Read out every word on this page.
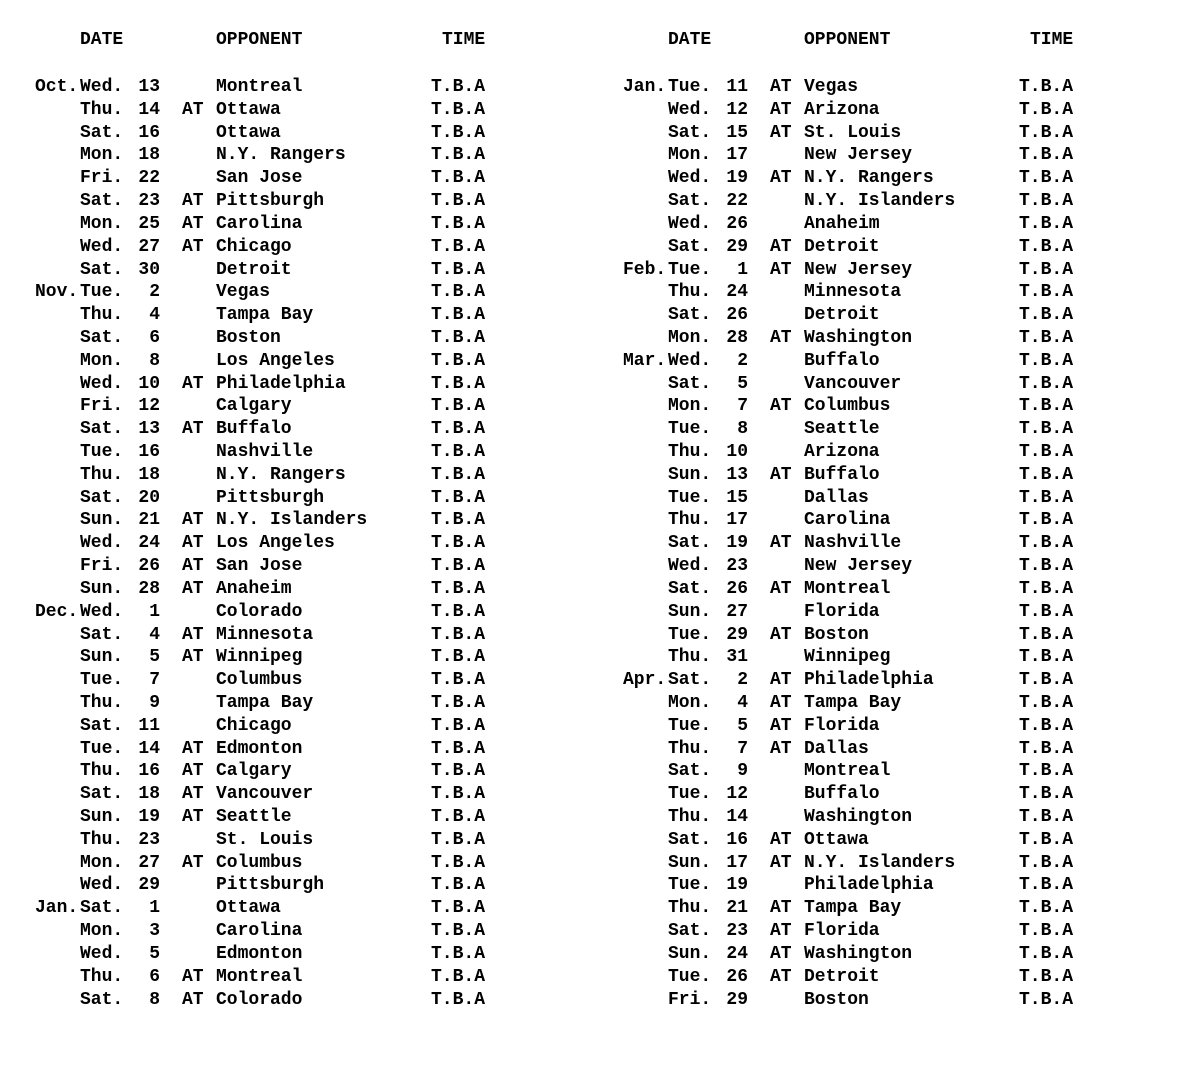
DATE

	OPPONENT

	TIME

Oct. Wed. 13	Montreal	T.B.A
Thu. 14 AT Ottawa	T.B.A
Sat. 16	Ottawa	T.B.A
Mon. 18	N.Y. Rangers	T.B.A
Fri. 22	San Jose	T.B.A
Sat. 23 AT Pittsburgh	T.B.A
Mon. 25 AT Carolina	T.B.A
Wed. 27 AT Chicago	T.B.A
Sat. 30	Detroit	T.B.A
Nov. Tue.	2	Vegas	T.B.A
Thu.	4	Tampa Bay	T.B.A
Sat.	6	Boston	T.B.A
Mon.	8	Los Angeles	T.B.A
Wed. 10 AT Philadelphia	T.B.A
Fri. 12	Calgary	T.B.A
Sat. 13 AT Buffalo	T.B.A
Tue. 16	Nashville	T.B.A
Thu. 18	N.Y. Rangers	T.B.A
Sat. 20	Pittsburgh	T.B.A
Sun. 21 AT N.Y. Islanders	T.B.A
Wed. 24 AT Los Angeles	T.B.A
Fri. 26 AT San Jose	T.B.A
Sun. 28 AT Anaheim	T.B.A
Dec. Wed.	1	Colorado	T.B.A
Sat.	4 AT Minnesota	T.B.A
Sun.	5 AT Winnipeg	T.B.A
Tue.	7	Columbus	T.B.A
Thu.	9	Tampa Bay	T.B.A
Sat. 11	Chicago	T.B.A
Tue. 14 AT Edmonton	T.B.A
Thu. 16 AT Calgary	T.B.A
Sat. 18 AT Vancouver	T.B.A
Sun. 19 AT Seattle	T.B.A
Thu. 23	St. Louis	T.B.A
Mon. 27 AT Columbus	T.B.A
Wed. 29	Pittsburgh	T.B.A
Jan. Sat.	1	Ottawa	T.B.A
Mon.	3	Carolina	T.B.A
Wed.	5	Edmonton	T.B.A
Thu.	6 AT Montreal	T.B.A
Sat.	8 AT Colorado	T.B.A

DATE

	OPPONENT

	TIME

Jan. Tue. 11 AT Vegas	T.B.A
Wed. 12 AT Arizona	T.B.A
Sat. 15 AT St. Louis	T.B.A
Mon. 17	New Jersey	T.B.A
Wed. 19 AT N.Y. Rangers	T.B.A
Sat. 22	N.Y. Islanders	T.B.A
Wed. 26	Anaheim	T.B.A
Sat. 29 AT Detroit	T.B.A
Feb. Tue.	1 AT New Jersey	T.B.A
Thu. 24	Minnesota	T.B.A
Sat. 26	Detroit	T.B.A
Mon. 28 AT Washington	T.B.A
Mar. Wed.	2	Buffalo	T.B.A
Sat.	5	Vancouver	T.B.A
Mon.	7 AT Columbus	T.B.A
Tue.	8	Seattle	T.B.A
Thu. 10	Arizona	T.B.A
Sun. 13 AT Buffalo	T.B.A
Tue. 15	Dallas	T.B.A
Thu. 17	Carolina	T.B.A
Sat. 19 AT Nashville	T.B.A
Wed. 23	New Jersey	T.B.A
Sat. 26 AT Montreal	T.B.A
Sun. 27	Florida	T.B.A
Tue. 29 AT Boston	T.B.A
Thu. 31	Winnipeg	T.B.A
Apr. Sat.	2 AT Philadelphia	T.B.A
Mon.	4 AT Tampa Bay	T.B.A
Tue.	5 AT Florida	T.B.A
Thu.	7 AT Dallas	T.B.A
Sat.	9	Montreal	T.B.A
Tue. 12	Buffalo	T.B.A
Thu. 14	Washington	T.B.A
Sat. 16 AT Ottawa	T.B.A
Sun. 17 AT N.Y. Islanders	T.B.A
Tue. 19	Philadelphia	T.B.A
Thu. 21 AT Tampa Bay	T.B.A
Sat. 23 AT Florida	T.B.A
Sun. 24 AT Washington	T.B.A
Tue. 26 AT Detroit	T.B.A
Fri. 29	Boston	T.B.A
